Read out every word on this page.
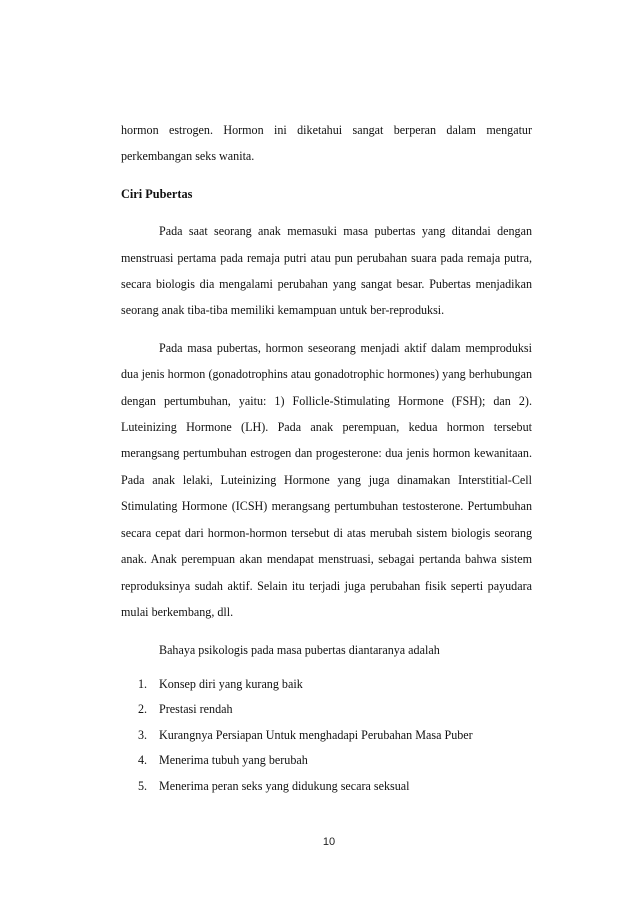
hormon estrogen. Hormon ini diketahui sangat berperan dalam mengatur perkembangan seks wanita.

Ciri Pubertas

Pada saat seorang anak memasuki masa pubertas yang ditandai dengan menstruasi pertama pada remaja putri atau pun perubahan suara pada remaja putra, secara biologis dia mengalami perubahan yang sangat besar. Pubertas menjadikan seorang anak tiba-tiba memiliki kemampuan untuk ber-reproduksi.

Pada masa pubertas, hormon seseorang menjadi aktif dalam memproduksi dua jenis hormon (gonadotrophins atau gonadotrophic hormones) yang berhubungan dengan pertumbuhan, yaitu: 1) Follicle-Stimulating Hormone (FSH); dan 2). Luteinizing Hormone (LH). Pada anak perempuan, kedua hormon tersebut merangsang pertumbuhan estrogen dan progesterone: dua jenis hormon kewanitaan. Pada anak lelaki, Luteinizing Hormone yang juga dinamakan Interstitial-Cell Stimulating Hormone (ICSH) merangsang pertumbuhan testosterone. Pertumbuhan secara cepat dari hormon-hormon tersebut di atas merubah sistem biologis seorang anak. Anak perempuan akan mendapat menstruasi, sebagai pertanda bahwa sistem reproduksinya sudah aktif. Selain itu terjadi juga perubahan fisik seperti payudara mulai berkembang, dll.

Bahaya psikologis pada masa pubertas diantaranya adalah

1. Konsep diri yang kurang baik
2. Prestasi rendah
3. Kurangnya Persiapan Untuk menghadapi Perubahan Masa Puber
4. Menerima tubuh yang berubah
5. Menerima peran seks yang didukung secara seksual
10
